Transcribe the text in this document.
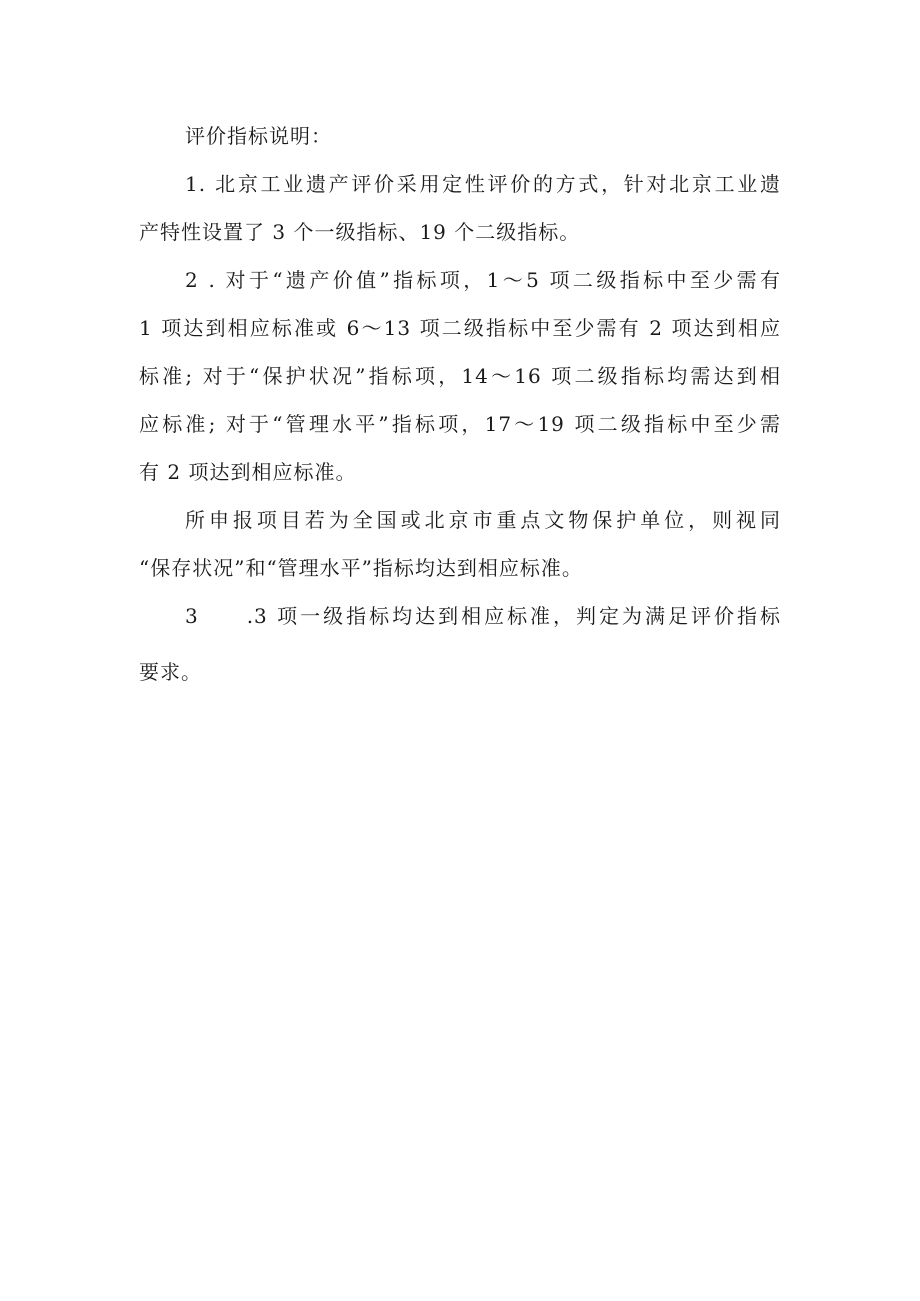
评价指标说明：
1. 北京工业遗产评价采用定性评价的方式，针对北京工业遗
产特性设置了 3 个一级指标、19 个二级指标。
2 . 对于“遗产价值”指标项，1～5 项二级指标中至少需有
1 项达到相应标准或 6～13 项二级指标中至少需有 2 项达到相应
标准; 对于“保护状况”指标项，14～16 项二级指标均需达到相
应标准; 对于“管理水平”指标项，17～19 项二级指标中至少需
有 2 项达到相应标准。
所申报项目若为全国或北京市重点文物保护单位，则视同
“保存状况”和“管理水平”指标均达到相应标准。
3　　.3 项一级指标均达到相应标准，判定为满足评价指标
要求。
